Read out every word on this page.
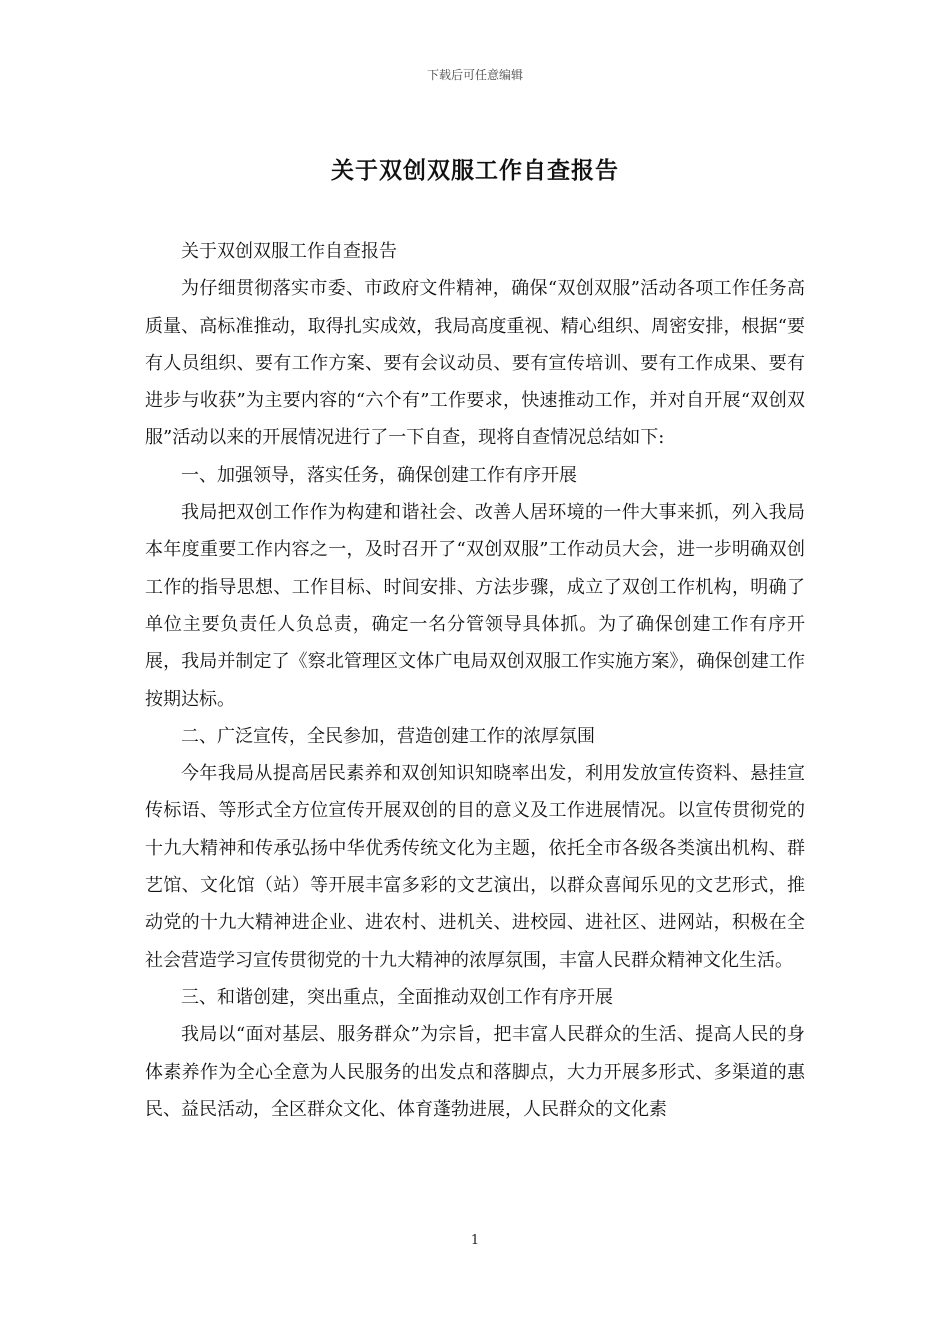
下载后可任意编辑
关于双创双服工作自查报告

关于双创双服工作自查报告

为仔细贯彻落实市委、市政府文件精神，确保“双创双服”活动各项工作任务高质量、高标准推动，取得扎实成效，我局高度重视、精心组织、周密安排，根据“要有人员组织、要有工作方案、要有会议动员、要有宣传培训、要有工作成果、要有进步与收获”为主要内容的“六个有”工作要求，快速推动工作，并对自开展“双创双服”活动以来的开展情况进行了一下自查，现将自查情况总结如下:

一、加强领导，落实任务，确保创建工作有序开展

我局把双创工作作为构建和谐社会、改善人居环境的一件大事来抓，列入我局本年度重要工作内容之一，及时召开了“双创双服”工作动员大会，进一步明确双创工作的指导思想、工作目标、时间安排、方法步骤，成立了双创工作机构，明确了单位主要负责任人负总责，确定一名分管领导具体抓。为了确保创建工作有序开展，我局并制定了《察北管理区文体广电局双创双服工作实施方案》，确保创建工作按期达标。

二、广泛宣传，全民参加，营造创建工作的浓厚氛围

今年我局从提高居民素养和双创知识知晓率出发，利用发放宣传资料、悬挂宣传标语、等形式全方位宣传开展双创的目的意义及工作进展情况。以宣传贯彻党的十九大精神和传承弘扬中华优秀传统文化为主题，依托全市各级各类演出机构、群艺馆、文化馆（站）等开展丰富多彩的文艺演出，以群众喜闻乐见的文艺形式，推动党的十九大精神进企业、进农村、进机关、进校园、进社区、进网站，积极在全社会营造学习宣传贯彻党的十九大精神的浓厚氛围，丰富人民群众精神文化生活。

三、和谐创建，突出重点，全面推动双创工作有序开展

我局以“面对基层、服务群众”为宗旨，把丰富人民群众的生活、提高人民的身体素养作为全心全意为人民服务的出发点和落脚点，大力开展多形式、多渠道的惠民、益民活动，全区群众文化、体育蓬勃进展，人民群众的文化素

1
